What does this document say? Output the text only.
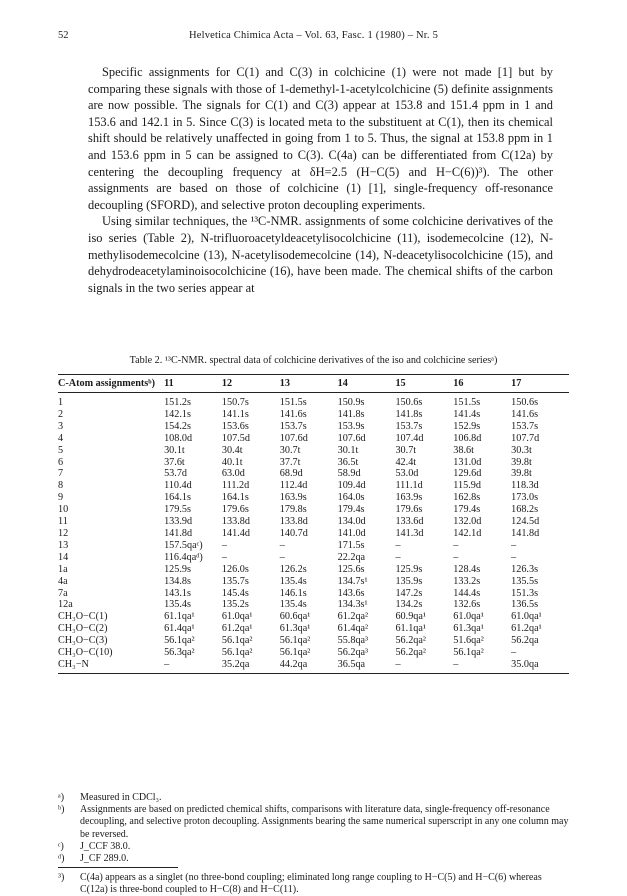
52	Helvetica Chimica Acta – Vol. 63, Fasc. 1 (1980) – Nr. 5

Specific assignments for C(1) and C(3) in colchicine (1) were not made [1] but by comparing these signals with those of 1-demethyl-1-acetylcolchicine (5) definite assignments are now possible. The signals for C(1) and C(3) appear at 153.8 and 151.4 ppm in 1 and 153.6 and 142.1 in 5. Since C(3) is located meta to the substituent at C(1), then its chemical shift should be relatively unaffected in going from 1 to 5. Thus, the signal at 153.8 ppm in 1 and 153.6 ppm in 5 can be assigned to C(3). C(4a) can be differentiated from C(12a) by centering the decoupling frequency at δH=2.5 (H−C(5) and H−C(6))³). The other assignments are based on those of colchicine (1) [1], single-frequency off-resonance decoupling (SFORD), and selective proton decoupling experiments.

Using similar techniques, the ¹³C-NMR. assignments of some colchicine derivatives of the iso series (Table 2), N-trifluoroacetyldeacetylisocolchicine (11), isodemecolcine (12), N-methylisodemecolcine (13), N-acetylisodemecolcine (14), N-deacetylisocolchicine (15), and dehydrodeacetylaminoisocolchicine (16), have been made. The chemical shifts of the carbon signals in the two series appear at

Table 2. ¹³C-NMR. spectral data of colchicine derivatives of the iso and colchicine seriesᵃ)
C-Atom assignmentsᵇ)	11	12	13	14	15	16	17
1	151.2s	150.7s	151.5s	150.9s	150.6s	151.5s	150.6s
2	142.1s	141.1s	141.6s	141.8s	141.8s	141.4s	141.6s
3	154.2s	153.6s	153.7s	153.9s	153.7s	152.9s	153.7s
4	108.0d	107.5d	107.6d	107.6d	107.4d	106.8d	107.7d
5	30.1t	30.4t	30.7t	30.1t	30.7t	38.6t	30.3t
6	37.6t	40.1t	37.7t	36.5t	42.4t	131.0d	39.8t
7	53.7d	63.0d	68.9d	58.9d	53.0d	129.6d	39.8t
8	110.4d	111.2d	112.4d	109.4d	111.1d	115.9d	118.3d
9	164.1s	164.1s	163.9s	164.0s	163.9s	162.8s	173.0s
10	179.5s	179.6s	179.8s	179.4s	179.6s	179.4s	168.2s
11	133.9d	133.8d	133.8d	134.0d	133.6d	132.0d	124.5d
12	141.8d	141.4d	140.7d	141.0d	141.3d	142.1d	141.8d
13	157.5qaᶜ)	–	–	171.5s	–	–	–
14	116.4qaᵈ)	–	–	22.2qa	–	–	–
1a	125.9s	126.0s	126.2s	125.6s	125.9s	128.4s	126.3s
4a	134.8s	135.7s	135.4s	134.7s¹	135.9s	133.2s	135.5s
7a	143.1s	145.4s	146.1s	143.6s	147.2s	144.4s	151.3s
12a	135.4s	135.2s	135.4s	134.3s¹	134.2s	132.6s	136.5s
CH₃O−C(1)	61.1qa¹	61.0qa¹	60.6qa¹	61.2qa²	60.9qa¹	61.0qa¹	61.0qa¹
CH₃O−C(2)	61.4qa¹	61.2qa¹	61.3qa¹	61.4qa²	61.1qa¹	61.3qa¹	61.2qa¹
CH₃O−C(3)	56.1qa²	56.1qa²	56.1qa²	55.8qa³	56.2qa²	51.6qa²	56.2qa
CH₃O−C(10)	56.3qa²	56.1qa²	56.1qa²	56.2qa³	56.2qa²	56.1qa²	–
CH₃−N	–	35.2qa	44.2qa	36.5qa	–	–	35.0qa
ᵃ) Measured in CDCl₃.
ᵇ) Assignments are based on predicted chemical shifts, comparisons with literature data, single-frequency off-resonance decoupling, and selective proton decoupling. Assignments bearing the same numerical superscript in any one column may be reversed.
ᶜ) J_CCF 38.0.
ᵈ) J_CF 289.0.
³) C(4a) appears as a singlet (no three-bond coupling; eliminated long range coupling to H−C(5) and H−C(6) whereas C(12a) is three-bond coupled to H−C(8) and H−C(11).
